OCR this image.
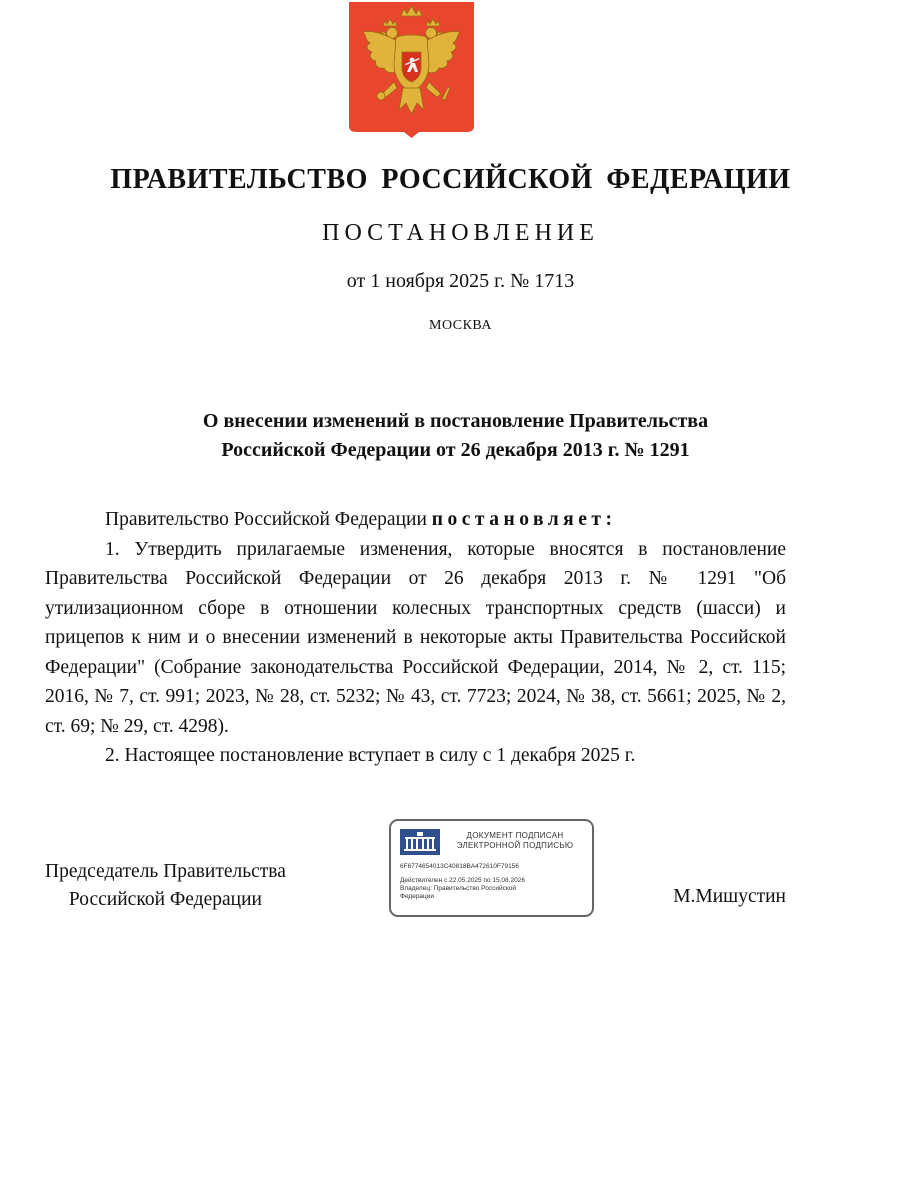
ПРАВИТЕЛЬСТВО РОССИЙСКОЙ ФЕДЕРАЦИИ
ПОСТАНОВЛЕНИЕ
от 1 ноября 2025 г. № 1713
МОСКВА
О внесении изменений в постановление Правительства
Российской Федерации от 26 декабря 2013 г. № 1291

Правительство Российской Федерации постановляет:

1. Утвердить прилагаемые изменения, которые вносятся в постановление Правительства Российской Федерации от 26 декабря 2013 г. № 1291 "Об утилизационном сборе в отношении колесных транспортных средств (шасси) и прицепов к ним и о внесении изменений в некоторые акты Правительства Российской Федерации" (Собрание законодательства Российской Федерации, 2014, № 2, ст. 115; 2016, № 7, ст. 991; 2023, № 28, ст. 5232; № 43, ст. 7723; 2024, № 38, ст. 5661; 2025, № 2, ст. 69; № 29, ст. 4298).

2. Настоящее постановление вступает в силу с 1 декабря 2025 г.

Председатель Правительства
Российской Федерации
ДОКУМЕНТ ПОДПИСАН
ЭЛЕКТРОННОЙ ПОДПИСЬЮ
6F6774654013C40818BA472610F79156
Действителен с 22.05.2025 по 15.08.2026
Владелец: Правительство Российской
Федерации	М.Мишустин
